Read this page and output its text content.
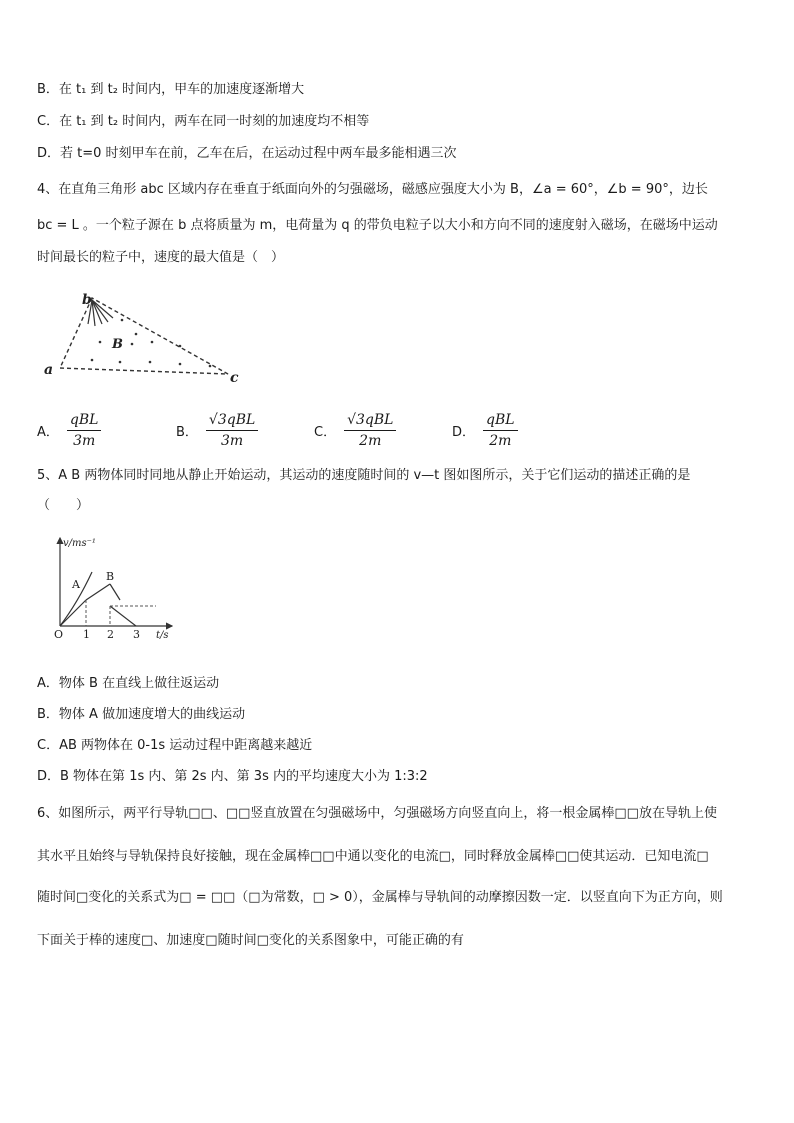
B．在 t₁ 到 t₂ 时间内，甲车的加速度逐渐增大
C．在 t₁ 到 t₂ 时间内，两车在同一时刻的加速度均不相等
D．若 t=0 时刻甲车在前，乙车在后，在运动过程中两车最多能相遇三次
4、在直角三角形 abc 区域内存在垂直于纸面向外的匀强磁场，磁感应强度大小为 B，∠a = 60°，∠b = 90°，边长
bc = L 。一个粒子源在 b 点将质量为 m，电荷量为 q 的带负电粒子以大小和方向不同的速度射入磁场，在磁场中运动
时间最长的粒子中，速度的最大值是（　）
b
B
a	c
A． $\frac{\text{qBL}}{3m}$	B． $\frac{\text{√3qBL}}{3m}$	C． $\frac{\text{√3qBL}}{2m}$	D． $\frac{\text{qBL}}{2m}$
5、A B 两物体同时同地从静止开始运动，其运动的速度随时间的 v—t 图如图所示，关于它们运动的描述正确的是
（　　）
v/ms⁻¹
A
B
O 1 2 3 t/s
A．物体 B 在直线上做往返运动
B．物体 A 做加速度增大的曲线运动
C．AB 两物体在 0-1s 运动过程中距离越来越近
D．B 物体在第 1s 内、第 2s 内、第 3s 内的平均速度大小为 1:3:2
6、如图所示，两平行导轨□□、□□竖直放置在匀强磁场中，匀强磁场方向竖直向上，将一根金属棒□□放在导轨上使
其水平且始终与导轨保持良好接触，现在金属棒□□中通以变化的电流□，同时释放金属棒□□使其运动．已知电流□
随时间□变化的关系式为□ = □□（□为常数，□ > 0），金属棒与导轨间的动摩擦因数一定．以竖直向下为正方向，则
下面关于棒的速度□、加速度□随时间□变化的关系图象中，可能正确的有
